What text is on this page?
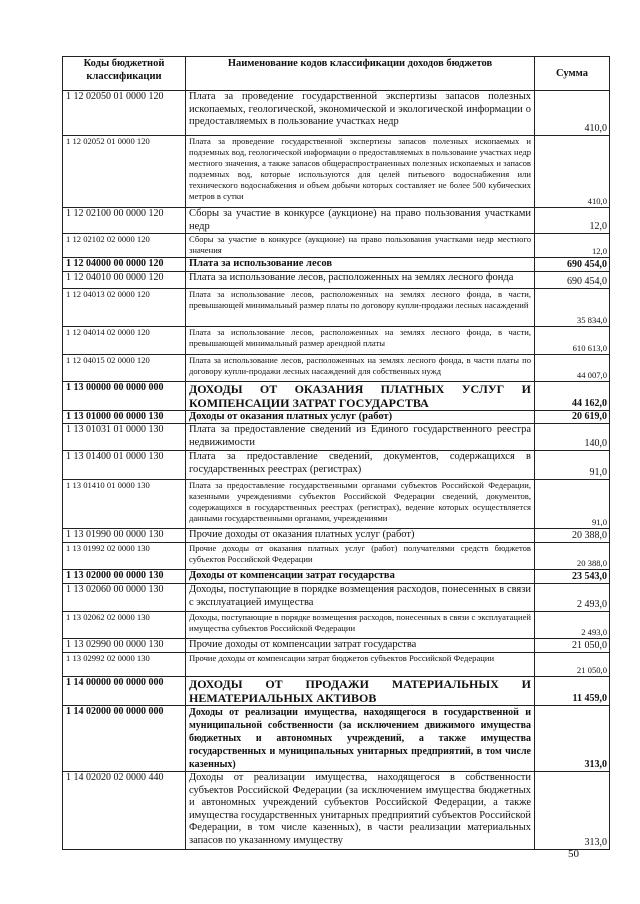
Коды бюджетной классификации	Наименование кодов классификации доходов бюджетов	Сумма
1 12 02050 01 0000 120	Плата за проведение государственной экспертизы запасов полезных ископаемых, геологической, экономической и экологической информации о предоставляемых в пользование участках недр	410,0
1 12 02052 01 0000 120	Плата за проведение государственной экспертизы запасов полезных ископаемых и подземных вод, геологической информации о предоставляемых в пользование участках недр местного значения, а также запасов общераспространенных полезных ископаемых и запасов подземных вод, которые используются для целей питьевого водоснабжения или технического водоснабжения и объем добычи которых составляет не более 500 кубических метров в сутки	410,0
1 12 02100 00 0000 120	Сборы за участие в конкурсе (аукционе) на право пользования участками недр	12,0
1 12 02102 02 0000 120	Сборы за участие в конкурсе (аукционе) на право пользования участками недр местного значения	12,0
1 12 04000 00 0000 120	Плата за использование лесов	690 454,0
1 12 04010 00 0000 120	Плата за использование лесов, расположенных на землях лесного фонда	690 454,0
1 12 04013 02 0000 120	Плата за использование лесов, расположенных на землях лесного фонда, в части, превышающей минимальный размер платы по договору купли-продажи лесных насаждений	35 834,0
1 12 04014 02 0000 120	Плата за использование лесов, расположенных на землях лесного фонда, в части, превышающей минимальный размер арендной платы	610 613,0
1 12 04015 02 0000 120	Плата за использование лесов, расположенных на землях лесного фонда, в части платы по договору купли-продажи лесных насаждений для собственных нужд	44 007,0
1 13 00000 00 0000 000	ДОХОДЫ ОТ ОКАЗАНИЯ ПЛАТНЫХ УСЛУГ И КОМПЕНСАЦИИ ЗАТРАТ ГОСУДАРСТВА	44 162,0
1 13 01000 00 0000 130	Доходы от оказания платных услуг (работ)	20 619,0
1 13 01031 01 0000 130	Плата за предоставление сведений из Единого государственного реестра недвижимости	140,0
1 13 01400 01 0000 130	Плата за предоставление сведений, документов, содержащихся в государственных реестрах (регистрах)	91,0
1 13 01410 01 0000 130	Плата за предоставление государственными органами субъектов Российской Федерации, казенными учреждениями субъектов Российской Федерации сведений, документов, содержащихся в государственных реестрах (регистрах), ведение которых осуществляется данными государственными органами, учреждениями	91,0
1 13 01990 00 0000 130	Прочие доходы от оказания платных услуг (работ)	20 388,0
1 13 01992 02 0000 130	Прочие доходы от оказания платных услуг (работ) получателями средств бюджетов субъектов Российской Федерации	20 388,0
1 13 02000 00 0000 130	Доходы от компенсации затрат государства	23 543,0
1 13 02060 00 0000 130	Доходы, поступающие в порядке возмещения расходов, понесенных в связи с эксплуатацией имущества	2 493,0
1 13 02062 02 0000 130	Доходы, поступающие в порядке возмещения расходов, понесенных в связи с эксплуатацией имущества субъектов Российской Федерации	2 493,0
1 13 02990 00 0000 130	Прочие доходы от компенсации затрат государства	21 050,0
1 13 02992 02 0000 130	Прочие доходы от компенсации затрат бюджетов субъектов Российской Федерации	21 050,0
1 14 00000 00 0000 000	ДОХОДЫ ОТ ПРОДАЖИ МАТЕРИАЛЬНЫХ И НЕМАТЕРИАЛЬНЫХ АКТИВОВ	11 459,0
1 14 02000 00 0000 000	Доходы от реализации имущества, находящегося в государственной и муниципальной собственности (за исключением движимого имущества бюджетных и автономных учреждений, а также имущества государственных и муниципальных унитарных предприятий, в том числе казенных)	313,0
1 14 02020 02 0000 440	Доходы от реализации имущества, находящегося в собственности субъектов Российской Федерации (за исключением имущества бюджетных и автономных учреждений субъектов Российской Федерации, а также имущества государственных унитарных предприятий субъектов Российской Федерации, в том числе казенных), в части реализации материальных запасов по указанному имуществу	313,0
50
